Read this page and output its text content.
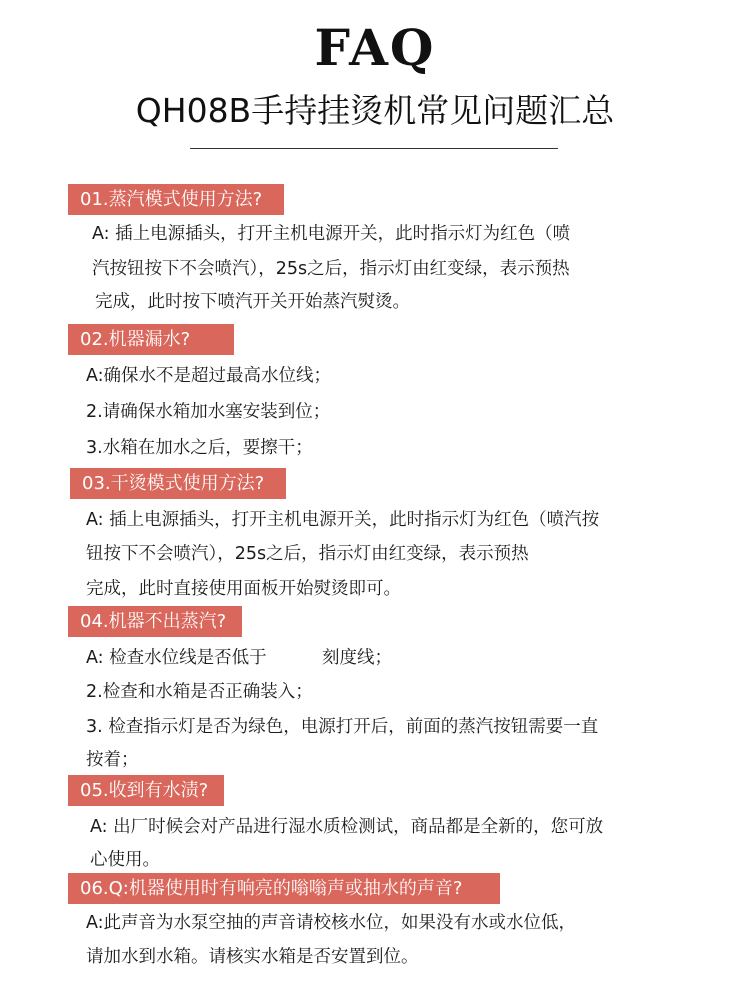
FAQ
QH08B手持挂烫机常见问题汇总
01.蒸汽模式使用方法?
A: 插上电源插头，打开主机电源开关，此时指示灯为红色（喷
汽按钮按下不会喷汽），25s之后，指示灯由红变绿，表示预热
完成，此时按下喷汽开关开始蒸汽熨烫。
02.机器漏水?
A:确保水不是超过最高水位线；
2.请确保水箱加水塞安装到位；
3.水箱在加水之后，要擦干；
03.干烫模式使用方法?
A: 插上电源插头，打开主机电源开关，此时指示灯为红色（喷汽按
钮按下不会喷汽），25s之后，指示灯由红变绿，表示预热
完成，此时直接使用面板开始熨烫即可。
04.机器不出蒸汽?
A: 检查水位线是否低于	刻度线；
2.检查和水箱是否正确装入；
3. 检查指示灯是否为绿色，电源打开后，前面的蒸汽按钮需要一直
按着；
05.收到有水渍?
A: 出厂时候会对产品进行湿水质检测试，商品都是全新的，您可放
心使用。
06.Q:机器使用时有响亮的嗡嗡声或抽水的声音?
A:此声音为水泵空抽的声音请校核水位，如果没有水或水位低，
请加水到水箱。请核实水箱是否安置到位。
